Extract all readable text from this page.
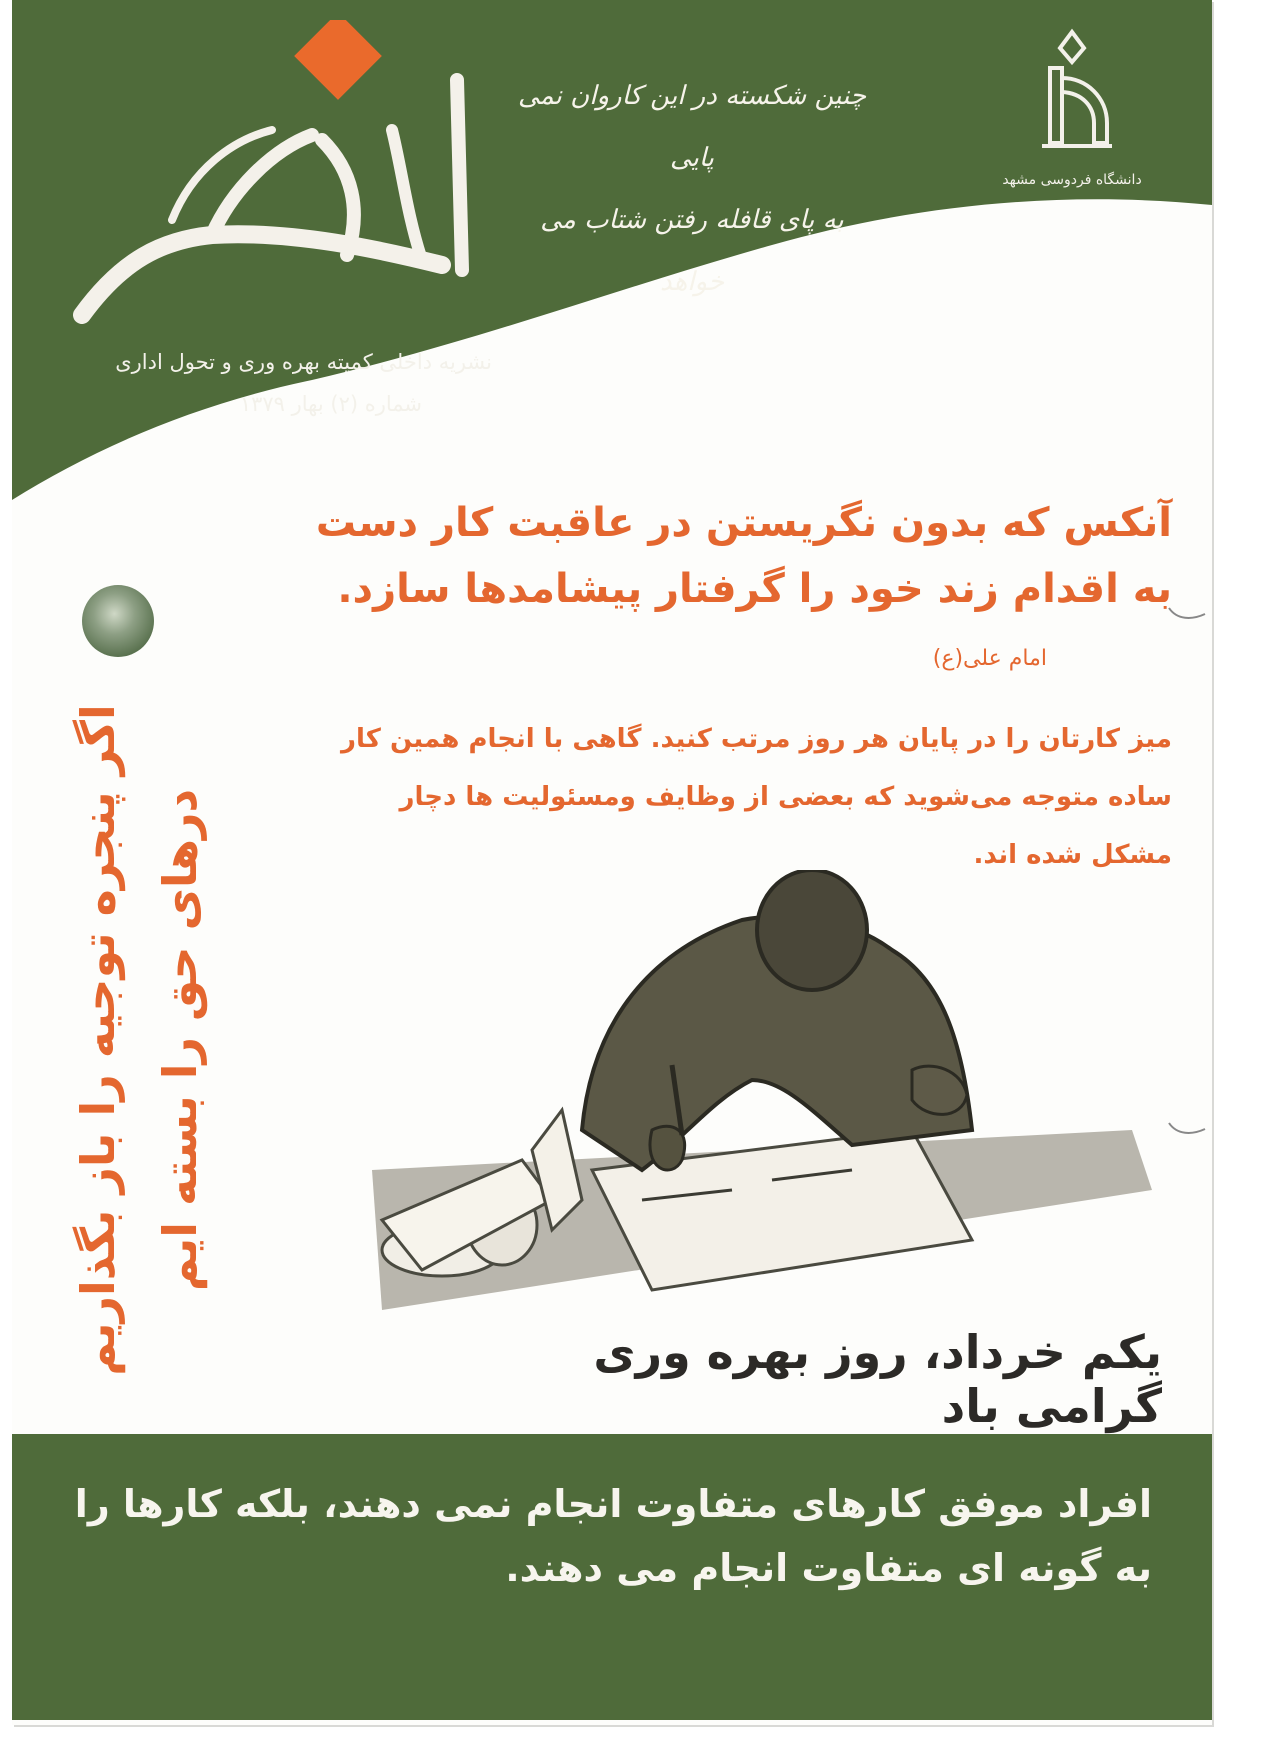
نشریه داخلی کمیته بهره وری و تحول اداری
شماره (۲) بهار ۱۳۷۹
چنین شکسته در این کاروان نمی پایی
به پای قافله رفتن شتاب می خواهد
دانشگاه فردوسی مشهد

آنکس که بدون نگریستن در عاقبت کار دست به اقدام زند خود را گرفتار پیشامدها سازد.

امام علی(ع)

میز کارتان را در پایان هر روز مرتب کنید. گاهی با انجام همین کار ساده متوجه می‌شوید که بعضی از وظایف ومسئولیت ها دچار مشکل شده اند.

اگر پنجره توجیه را باز بگذاریم درهای حق را بسته ایم
یکم خرداد، روز بهره وری گرامی باد

افراد موفق کارهای متفاوت انجام نمی دهند، بلکه کارها را به گونه ای متفاوت انجام می دهند.
